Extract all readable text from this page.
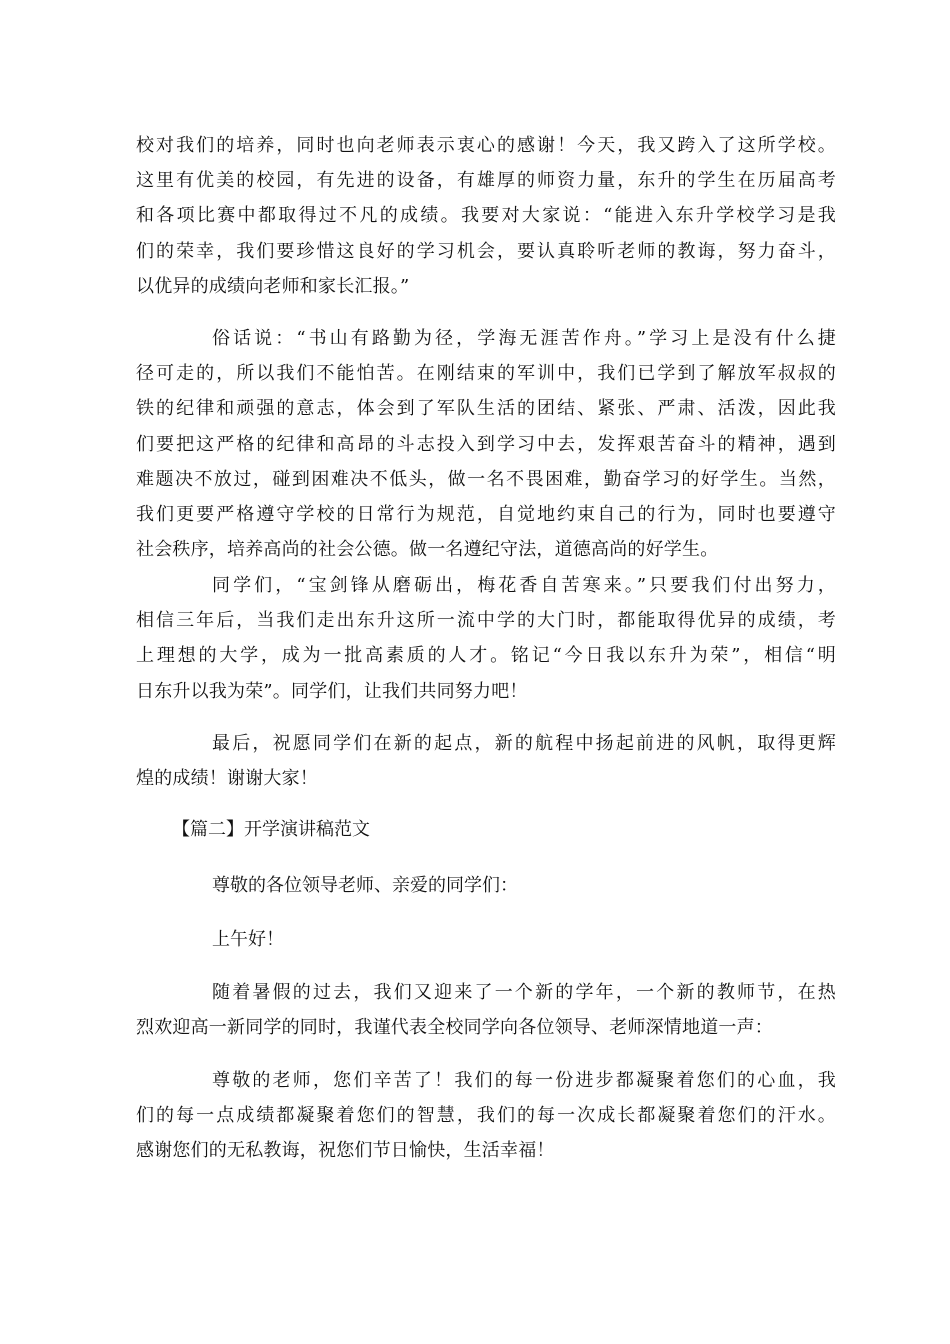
校对我们的培养，同时也向老师表示衷心的感谢！今天，我又跨入了这所学校。
这里有优美的校园，有先进的设备，有雄厚的师资力量，东升的学生在历届高考
和各项比赛中都取得过不凡的成绩。我要对大家说：“能进入东升学校学习是我
们的荣幸，我们要珍惜这良好的学习机会，要认真聆听老师的教诲，努力奋斗，
以优异的成绩向老师和家长汇报。”
俗话说：“书山有路勤为径，学海无涯苦作舟。”学习上是没有什么捷
径可走的，所以我们不能怕苦。在刚结束的军训中，我们已学到了解放军叔叔的
铁的纪律和顽强的意志，体会到了军队生活的团结、紧张、严肃、活泼，因此我
们要把这严格的纪律和高昂的斗志投入到学习中去，发挥艰苦奋斗的精神，遇到
难题决不放过，碰到困难决不低头，做一名不畏困难，勤奋学习的好学生。当然，
我们更要严格遵守学校的日常行为规范，自觉地约束自己的行为，同时也要遵守
社会秩序，培养高尚的社会公德。做一名遵纪守法，道德高尚的好学生。
同学们，“宝剑锋从磨砺出，梅花香自苦寒来。”只要我们付出努力，
相信三年后，当我们走出东升这所一流中学的大门时，都能取得优异的成绩，考
上理想的大学，成为一批高素质的人才。铭记“今日我以东升为荣”，相信“明
日东升以我为荣”。同学们，让我们共同努力吧！
最后，祝愿同学们在新的起点，新的航程中扬起前进的风帆，取得更辉
煌的成绩！谢谢大家！
【篇二】开学演讲稿范文
尊敬的各位领导老师、亲爱的同学们：
上午好！
随着暑假的过去，我们又迎来了一个新的学年，一个新的教师节，在热
烈欢迎高一新同学的同时，我谨代表全校同学向各位领导、老师深情地道一声：
尊敬的老师，您们辛苦了！我们的每一份进步都凝聚着您们的心血，我
们的每一点成绩都凝聚着您们的智慧，我们的每一次成长都凝聚着您们的汗水。
感谢您们的无私教诲，祝您们节日愉快，生活幸福！
